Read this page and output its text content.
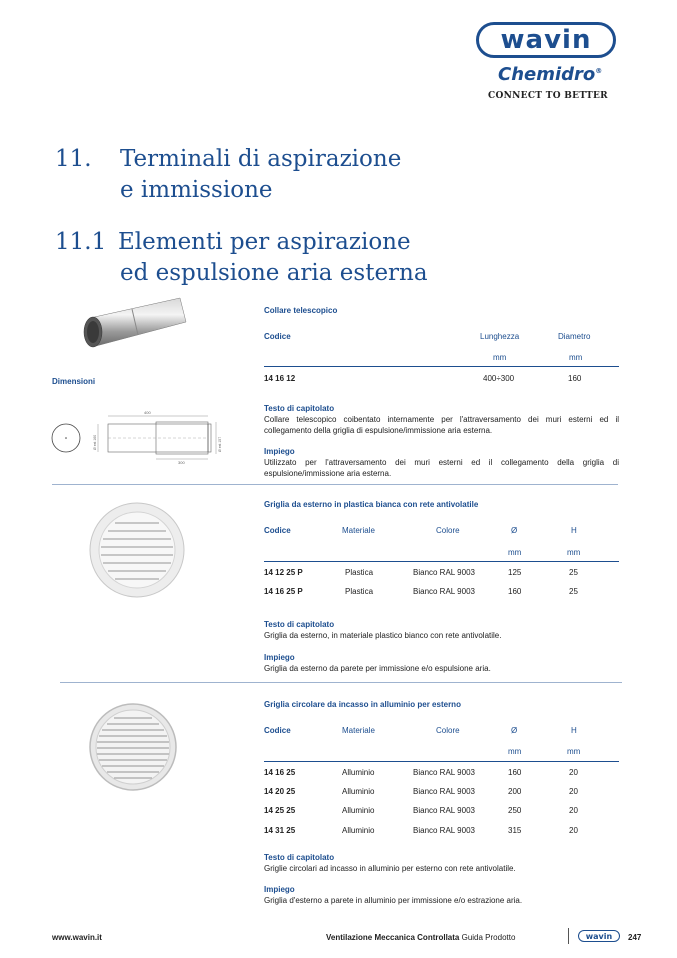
wavin
Chemidro®
CONNECT TO BETTER
11. Terminali di aspirazione
e immissione
11.1 Elementi per aspirazione
ed espulsione aria esterna
Collare telescopico
Dimensioni
Codice	Lunghezza	Diametro
mm	mm
14 16 12	400÷300	160
400
300
Ø est 160	Ø est 157
Testo di capitolato
Collare telescopico coibentato internamente per l'attraversamento dei muri esterni ed il collegamento della griglia di espulsione/immissione aria esterna.
Impiego
Utilizzato per l'attraversamento dei muri esterni ed il collegamento della griglia di espulsione/immissione aria esterna.
Griglia da esterno in plastica bianca con rete antivolatile
Codice	Materiale	Colore	Ø	H
mm	mm
14 12 25 P	Plastica	Bianco RAL 9003	125	25
14 16 25 P	Plastica	Bianco RAL 9003	160	25
Testo di capitolato
Griglia da esterno, in materiale plastico bianco con rete antivolatile.
Impiego
Griglia da esterno da parete per immissione e/o espulsione aria.
Griglia circolare da incasso in alluminio per esterno
Codice	Materiale	Colore	Ø	H
mm	mm
14 16 25	Alluminio	Bianco RAL 9003	160	20
14 20 25	Alluminio	Bianco RAL 9003	200	20
14 25 25	Alluminio	Bianco RAL 9003	250	20
14 31 25	Alluminio	Bianco RAL 9003	315	20
Testo di capitolato
Griglie circolari ad incasso in alluminio per esterno con rete antivolatile.
Impiego
Griglia d'esterno a parete in alluminio per immissione e/o estrazione aria.
www.wavin.it	Ventilazione Meccanica Controllata Guida Prodotto	wavin	247
